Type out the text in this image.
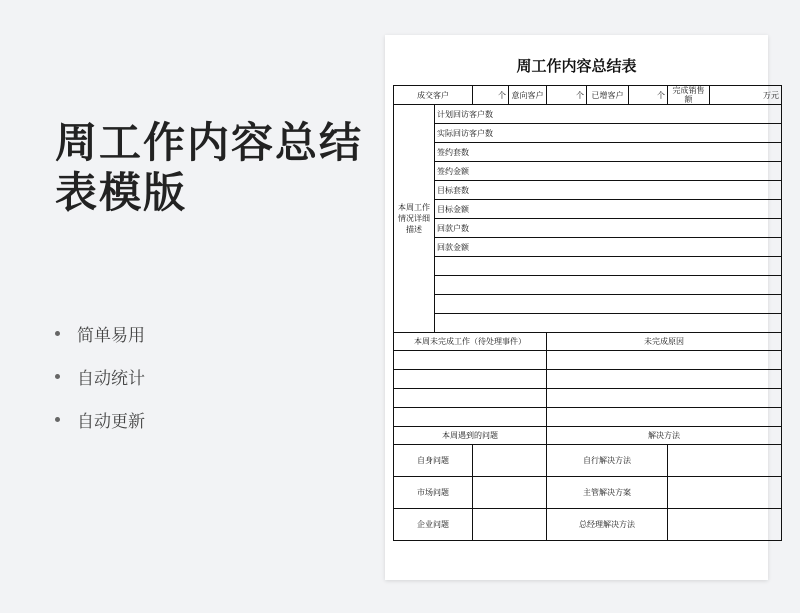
周工作内容总结表模版
简单易用
自动统计
自动更新
周工作内容总结表
成交客户		个	意向客户	个	已增客户	个	完成销售额	万元
本周工作情况详细描述	计划回访客户数							
	实际回访客户数							
	签约套数							
	签约金额							
	目标套数							
	目标金额							
	回款户数							
	回款金额							

本周未完成工作（待处理事件）				未完成原因				

本周遇到的问题				解决方法				
自身问题				自行解决方法				
市场问题				主管解决方案				
企业问题				总经理解决方法				
